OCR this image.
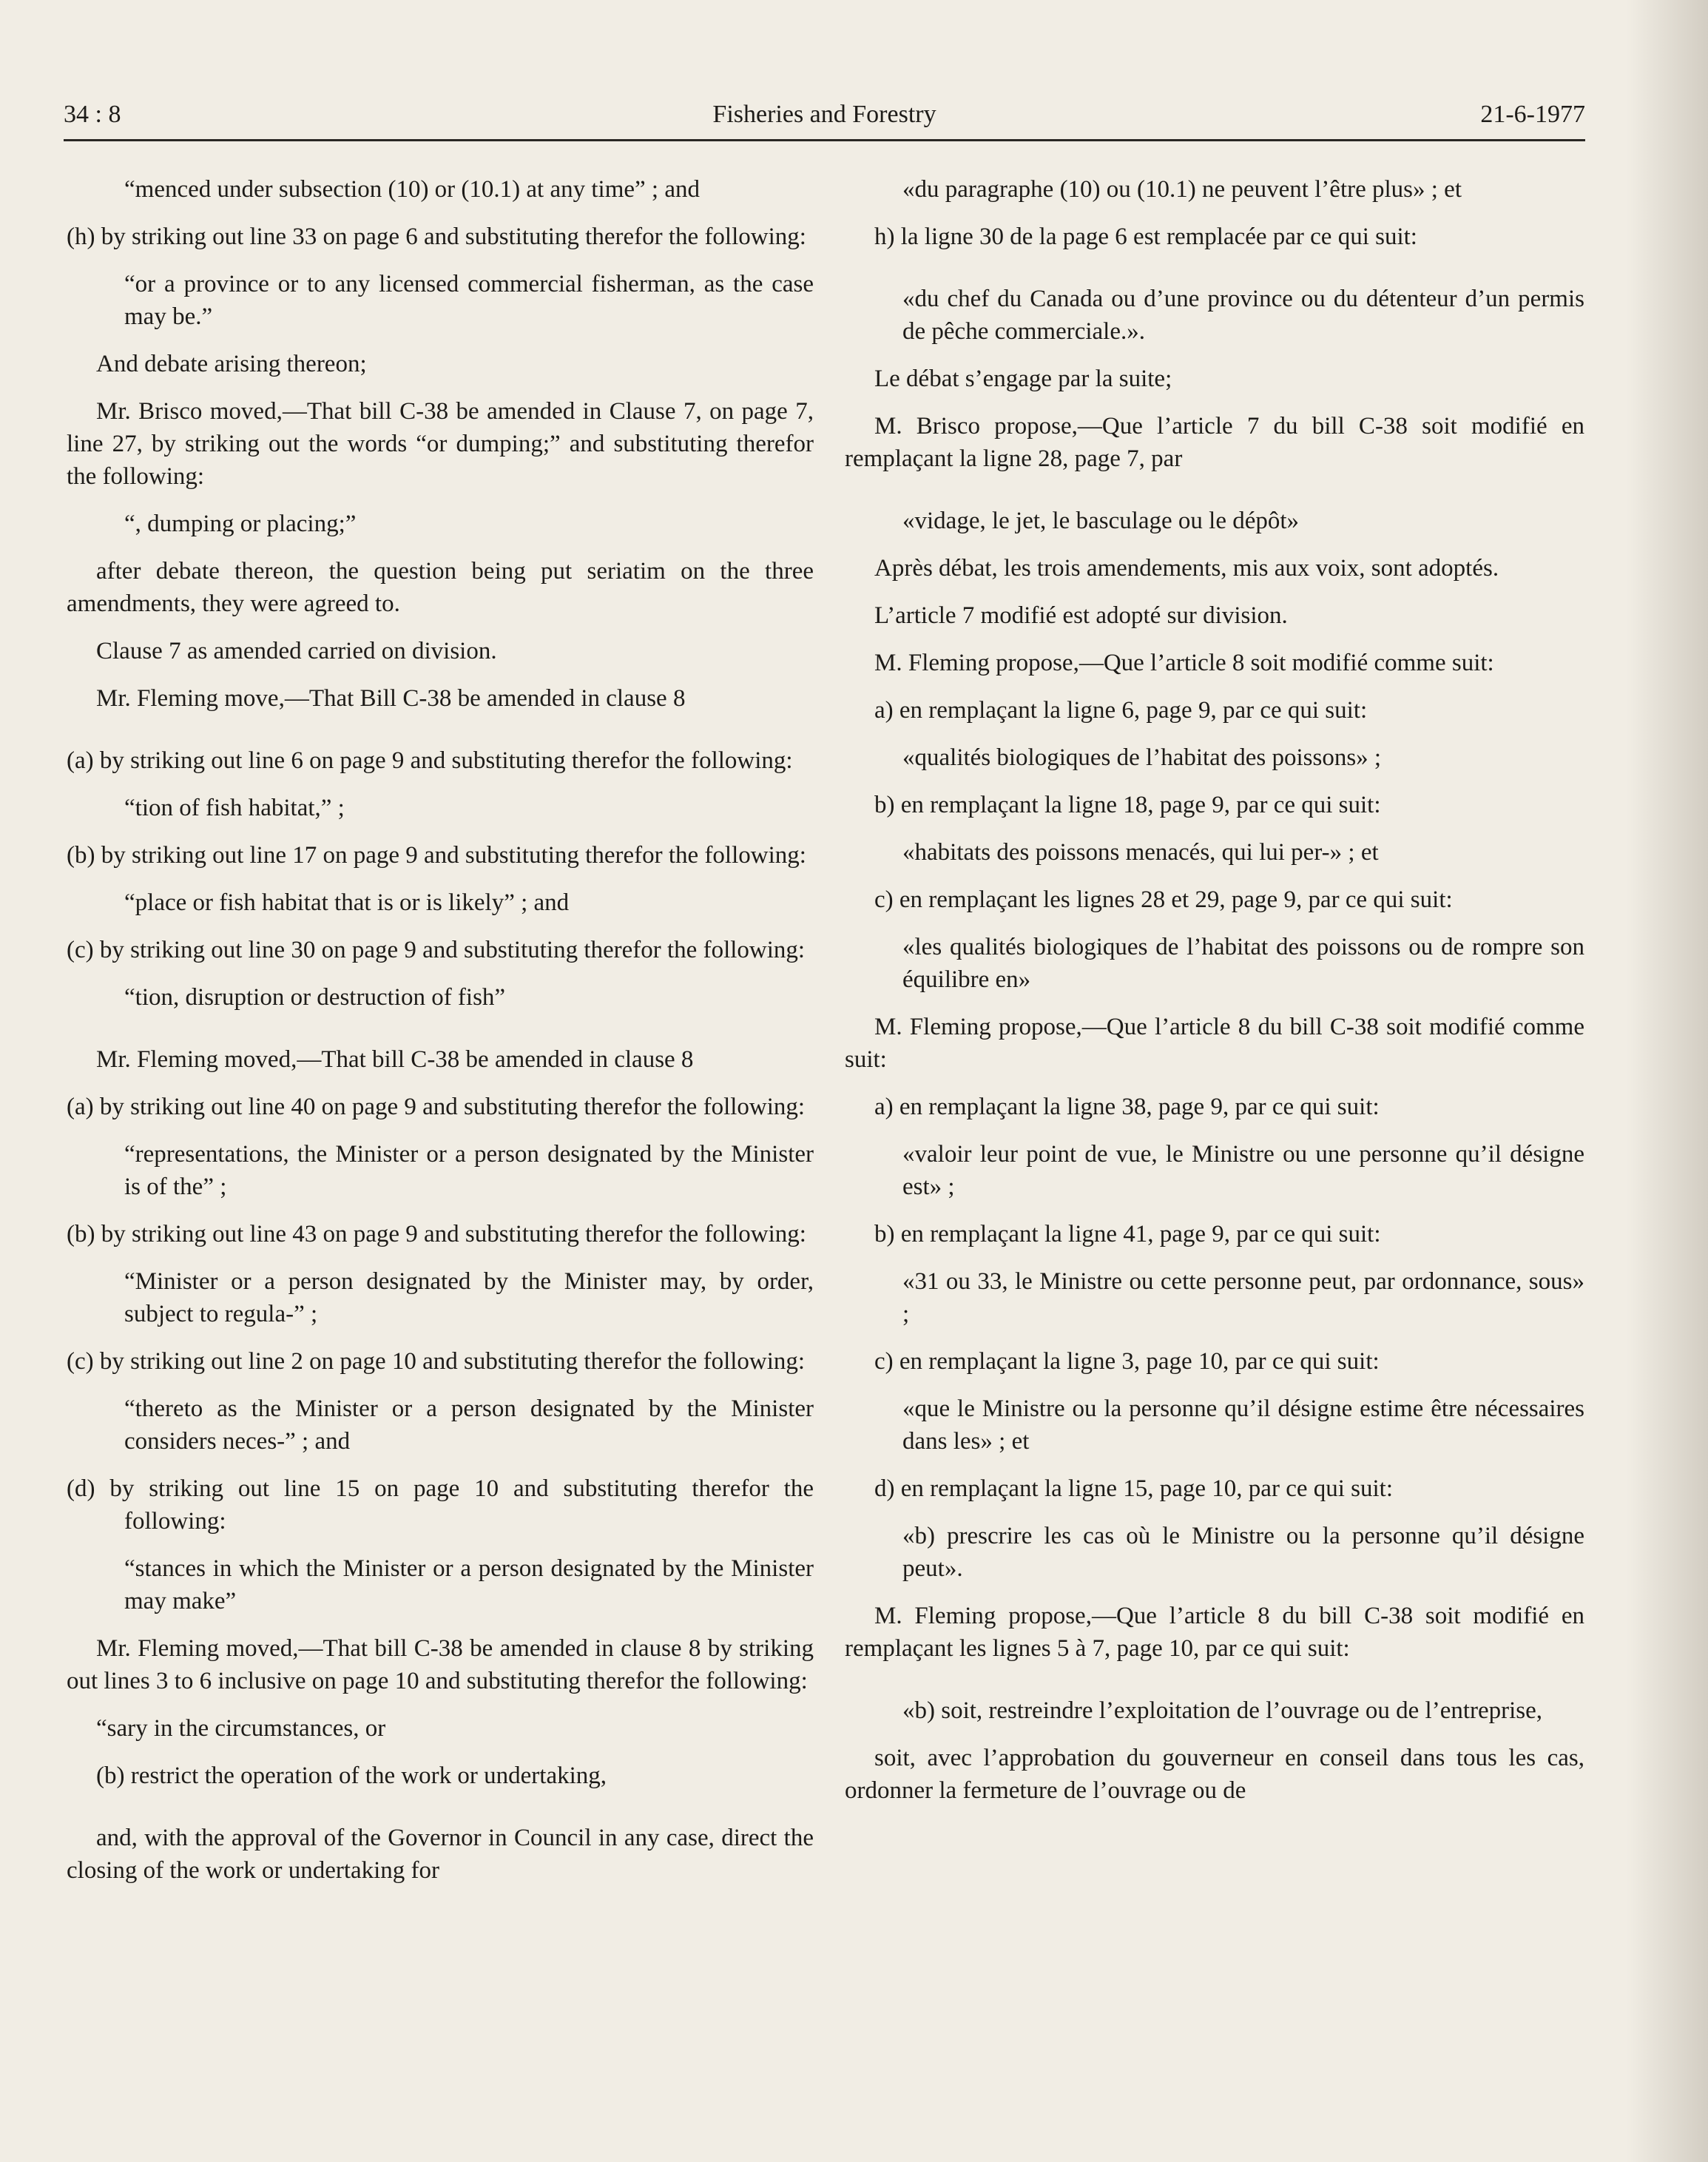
34 : 8	Fisheries and Forestry	21-6-1977

“menced under subsection (10) or (10.1) at any time” ; and

(h) by striking out line 33 on page 6 and substituting therefor the following:

“or a province or to any licensed commercial fisherman, as the case may be.”

And debate arising thereon;

Mr. Brisco moved,—That bill C-38 be amended in Clause 7, on page 7, line 27, by striking out the words “or dumping;” and substituting therefor the following:

“, dumping or placing;”

after debate thereon, the question being put seriatim on the three amendments, they were agreed to.

Clause 7 as amended carried on division.

Mr. Fleming move,—That Bill C-38 be amended in clause 8

(a) by striking out line 6 on page 9 and substituting therefor the following:

“tion of fish habitat,” ;

(b) by striking out line 17 on page 9 and substituting therefor the following:

“place or fish habitat that is or is likely” ; and

(c) by striking out line 30 on page 9 and substituting therefor the following:

“tion, disruption or destruction of fish”

Mr. Fleming moved,—That bill C-38 be amended in clause 8

(a) by striking out line 40 on page 9 and substituting therefor the following:

“representations, the Minister or a person designated by the Minister is of the” ;

(b) by striking out line 43 on page 9 and substituting therefor the following:

“Minister or a person designated by the Minister may, by order, subject to regula-” ;

(c) by striking out line 2 on page 10 and substituting therefor the following:

“thereto as the Minister or a person designated by the Minister considers neces-” ; and

(d) by striking out line 15 on page 10 and substituting therefor the following:

“stances in which the Minister or a person designated by the Minister may make”

Mr. Fleming moved,—That bill C-38 be amended in clause 8 by striking out lines 3 to 6 inclusive on page 10 and substituting therefor the following:

“sary in the circumstances, or

(b) restrict the operation of the work or undertaking,

and, with the approval of the Governor in Council in any case, direct the closing of the work or undertaking for

«du paragraphe (10) ou (10.1) ne peuvent l’être plus» ; et

h) la ligne 30 de la page 6 est remplacée par ce qui suit:

«du chef du Canada ou d’une province ou du détenteur d’un permis de pêche commerciale.».

Le débat s’engage par la suite;

M. Brisco propose,—Que l’article 7 du bill C-38 soit modifié en remplaçant la ligne 28, page 7, par

«vidage, le jet, le basculage ou le dépôt»

Après débat, les trois amendements, mis aux voix, sont adoptés.

L’article 7 modifié est adopté sur division.

M. Fleming propose,—Que l’article 8 soit modifié comme suit:

a) en remplaçant la ligne 6, page 9, par ce qui suit:

«qualités biologiques de l’habitat des poissons» ;

b) en remplaçant la ligne 18, page 9, par ce qui suit:

«habitats des poissons menacés, qui lui per-» ; et

c) en remplaçant les lignes 28 et 29, page 9, par ce qui suit:

«les qualités biologiques de l’habitat des poissons ou de rompre son équilibre en»

M. Fleming propose,—Que l’article 8 du bill C-38 soit modifié comme suit:

a) en remplaçant la ligne 38, page 9, par ce qui suit:

«valoir leur point de vue, le Ministre ou une personne qu’il désigne est» ;

b) en remplaçant la ligne 41, page 9, par ce qui suit:

«31 ou 33, le Ministre ou cette personne peut, par ordonnance, sous» ;

c) en remplaçant la ligne 3, page 10, par ce qui suit:

«que le Ministre ou la personne qu’il désigne estime être nécessaires dans les» ; et

d) en remplaçant la ligne 15, page 10, par ce qui suit:

«b) prescrire les cas où le Ministre ou la personne qu’il désigne peut».

M. Fleming propose,—Que l’article 8 du bill C-38 soit modifié en remplaçant les lignes 5 à 7, page 10, par ce qui suit:

«b) soit, restreindre l’exploitation de l’ouvrage ou de l’entreprise,

soit, avec l’approbation du gouverneur en conseil dans tous les cas, ordonner la fermeture de l’ouvrage ou de
